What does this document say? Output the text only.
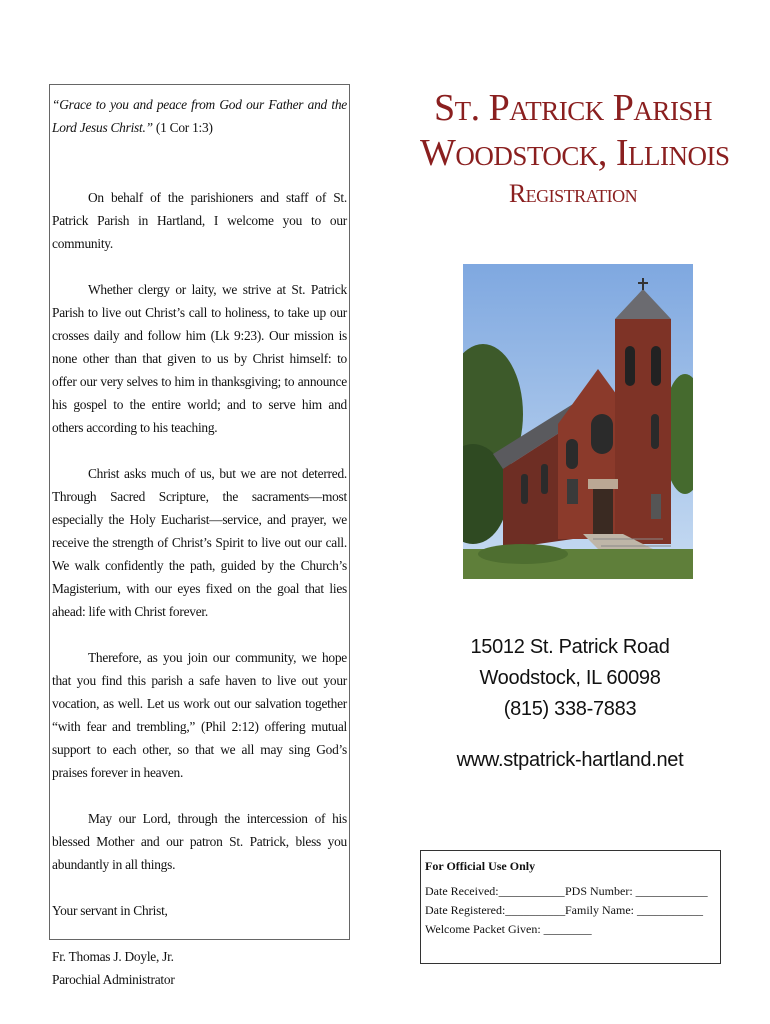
“Grace to you and peace from God our Father and the Lord Jesus Christ.” (1 Cor 1:3)

On behalf of the parishioners and staff of St. Patrick Parish in Hartland, I welcome you to our community.

Whether clergy or laity, we strive at St. Patrick Parish to live out Christ’s call to holiness, to take up our crosses daily and follow him (Lk 9:23). Our mission is none other than that given to us by Christ himself: to offer our very selves to him in thanksgiving; to announce his gospel to the entire world; and to serve him and others according to his teaching.

Christ asks much of us, but we are not deterred. Through Sacred Scripture, the sacraments—most especially the Holy Eucharist—service, and prayer, we receive the strength of Christ’s Spirit to live out our call. We walk confidently the path, guided by the Church’s Magisterium, with our eyes fixed on the goal that lies ahead: life with Christ forever.

Therefore, as you join our community, we hope that you find this parish a safe haven to live out your vocation, as well. Let us work out our salvation together “with fear and trembling,” (Phil 2:12) offering mutual support to each other, so that we all may sing God’s praises forever in heaven.

May our Lord, through the intercession of his blessed Mother and our patron St. Patrick, bless you abundantly in all things.

Your servant in Christ,

Fr. Thomas J. Doyle, Jr.

Parochial Administrator

St. Patrick Parish
Woodstock, Illinois
Registration
15012 St. Patrick Road
Woodstock, IL 60098
(815) 338-7883
www.stpatrick-hartland.net
For Official Use Only
Date Received:___________ PDS Number: ____________
Date Registered:__________ Family Name: ___________
Welcome Packet Given: ________
